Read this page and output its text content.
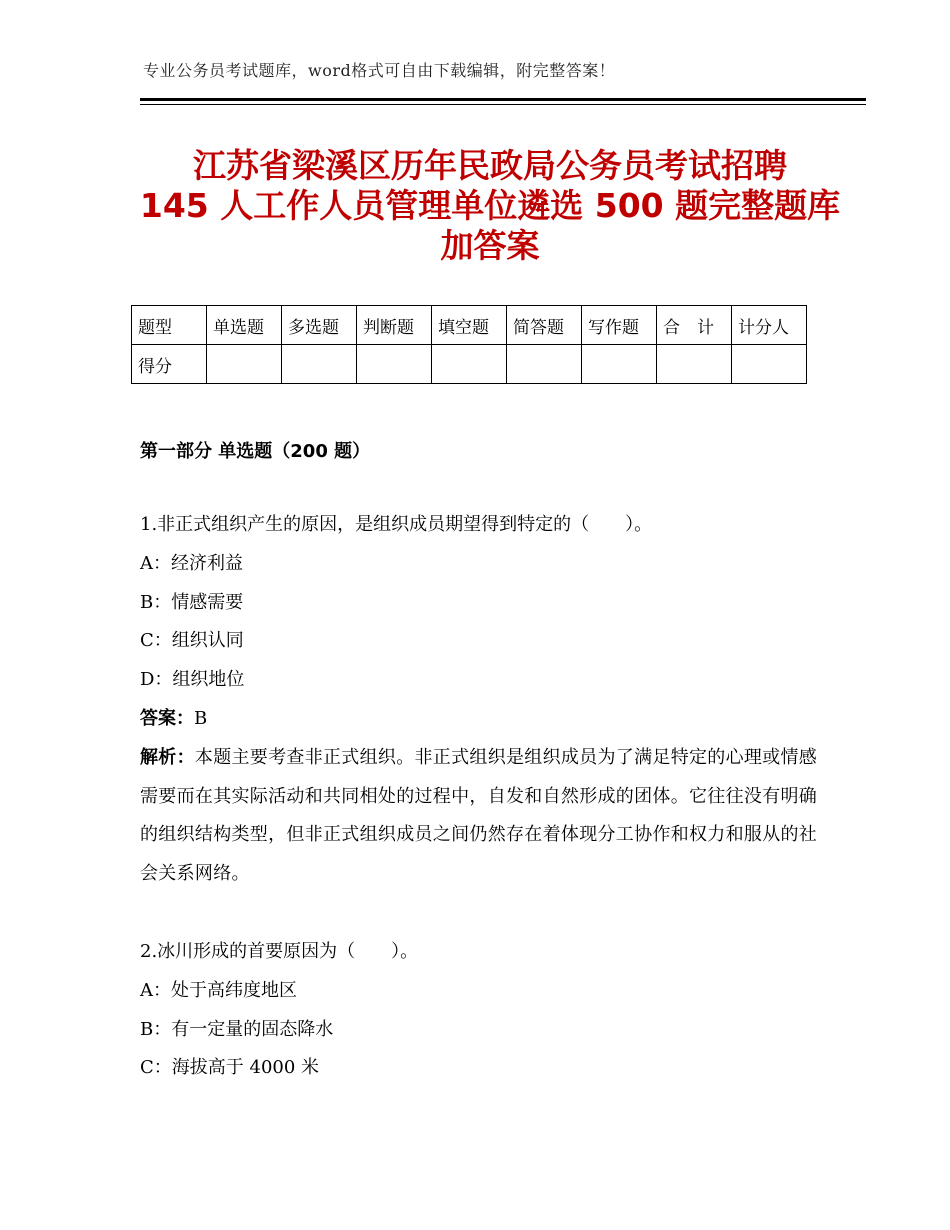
专业公务员考试题库，word格式可自由下载编辑，附完整答案！
江苏省梁溪区历年民政局公务员考试招聘
145 人工作人员管理单位遴选 500 题完整题库
加答案
题型	单选题	多选题	判断题	填空题	简答题	写作题	合　计	计分人
得分								
第一部分 单选题（200 题）
1.非正式组织产生的原因，是组织成员期望得到特定的（　　）。
A：经济利益
B：情感需要
C：组织认同
D：组织地位
答案：B
解析：本题主要考查非正式组织。非正式组织是组织成员为了满足特定的心理或情感需要而在其实际活动和共同相处的过程中，自发和自然形成的团体。它往往没有明确的组织结构类型，但非正式组织成员之间仍然存在着体现分工协作和权力和服从的社会关系网络。
2.冰川形成的首要原因为（　　）。
A：处于高纬度地区
B：有一定量的固态降水
C：海拔高于 4000 米
